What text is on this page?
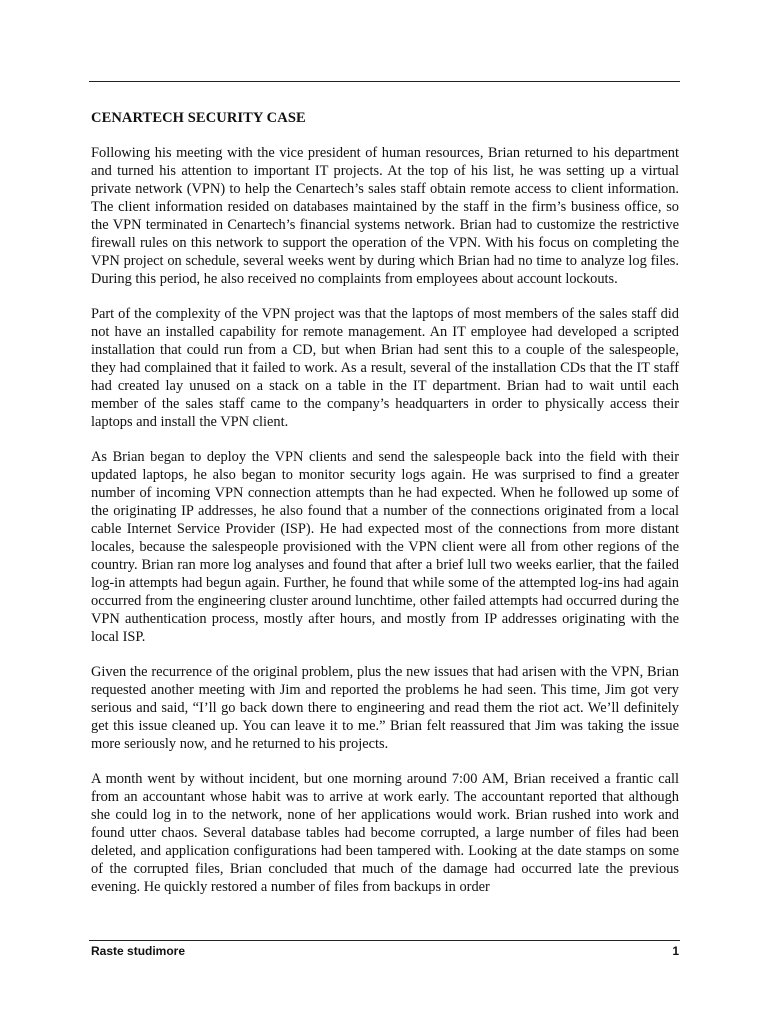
CENARTECH SECURITY CASE

Following his meeting with the vice president of human resources, Brian returned to his department and turned his attention to important IT projects. At the top of his list, he was setting up a virtual private network (VPN) to help the Cenartech’s sales staff obtain remote access to client information. The client information resided on databases maintained by the staff in the firm’s business office, so the VPN terminated in Cenartech’s financial systems network. Brian had to customize the restrictive firewall rules on this network to support the operation of the VPN. With his focus on completing the VPN project on schedule, several weeks went by during which Brian had no time to analyze log files. During this period, he also received no complaints from employees about account lockouts.

Part of the complexity of the VPN project was that the laptops of most members of the sales staff did not have an installed capability for remote management. An IT employee had developed a scripted installation that could run from a CD, but when Brian had sent this to a couple of the salespeople, they had complained that it failed to work. As a result, several of the installation CDs that the IT staff had created lay unused on a stack on a table in the IT department. Brian had to wait until each member of the sales staff came to the company’s headquarters in order to physically access their laptops and install the VPN client.

As Brian began to deploy the VPN clients and send the salespeople back into the field with their updated laptops, he also began to monitor security logs again. He was surprised to find a greater number of incoming VPN connection attempts than he had expected. When he followed up some of the originating IP addresses, he also found that a number of the connections originated from a local cable Internet Service Provider (ISP). He had expected most of the connections from more distant locales, because the salespeople provisioned with the VPN client were all from other regions of the country. Brian ran more log analyses and found that after a brief lull two weeks earlier, that the failed log-in attempts had begun again. Further, he found that while some of the attempted log-ins had again occurred from the engineering cluster around lunchtime, other failed attempts had occurred during the VPN authentication process, mostly after hours, and mostly from IP addresses originating with the local ISP.

Given the recurrence of the original problem, plus the new issues that had arisen with the VPN, Brian requested another meeting with Jim and reported the problems he had seen. This time, Jim got very serious and said, “I’ll go back down there to engineering and read them the riot act. We’ll definitely get this issue cleaned up. You can leave it to me.” Brian felt reassured that Jim was taking the issue more seriously now, and he returned to his projects.

A month went by without incident, but one morning around 7:00 AM, Brian received a frantic call from an accountant whose habit was to arrive at work early. The accountant reported that although she could log in to the network, none of her applications would work. Brian rushed into work and found utter chaos. Several database tables had become corrupted, a large number of files had been deleted, and application configurations had been tampered with. Looking at the date stamps on some of the corrupted files, Brian concluded that much of the damage had occurred late the previous evening. He quickly restored a number of files from backups in order

Raste studimore	1
